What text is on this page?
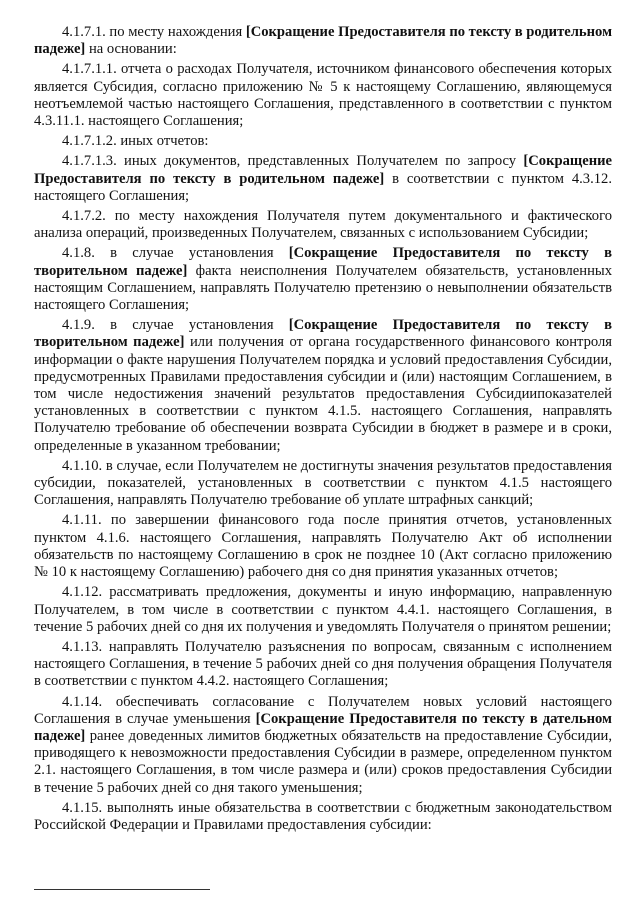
4.1.7.1. по месту нахождения [Сокращение Предоставителя по тексту в родительном падеже] на основании:

4.1.7.1.1. отчета о расходах Получателя, источником финансового обеспечения которых является Субсидия, согласно приложению № 5 к настоящему Соглашению, являющемуся неотъемлемой частью настоящего Соглашения, представленного в соответствии с пунктом 4.3.11.1. настоящего Соглашения;

4.1.7.1.2. иных отчетов:

4.1.7.1.3. иных документов, представленных Получателем по запросу [Сокращение Предоставителя по тексту в родительном падеже] в соответствии с пунктом 4.3.12. настоящего Соглашения;

4.1.7.2. по месту нахождения Получателя путем документального и фактического анализа операций, произведенных Получателем, связанных с использованием Субсидии;

4.1.8. в случае установления [Сокращение Предоставителя по тексту в творительном падеже] факта неисполнения Получателем обязательств, установленных настоящим Соглашением, направлять Получателю претензию о невыполнении обязательств настоящего Соглашения;

4.1.9. в случае установления [Сокращение Предоставителя по тексту в творительном падеже] или получения от органа государственного финансового контроля информации о факте нарушения Получателем порядка и условий предоставления Субсидии, предусмотренных Правилами предоставления субсидии и (или) настоящим Соглашением, в том числе недостижения значений результатов предоставления Субсидиипоказателей установленных в соответствии с пунктом 4.1.5. настоящего Соглашения, направлять Получателю требование об обеспечении возврата Субсидии в бюджет в размере и в сроки, определенные в указанном требовании;

4.1.10. в случае, если Получателем не достигнуты значения результатов предоставления субсидии, показателей, установленных в соответствии с пунктом 4.1.5 настоящего Соглашения, направлять Получателю требование об уплате штрафных санкций;

4.1.11. по завершении финансового года после принятия отчетов, установленных пунктом 4.1.6. настоящего Соглашения, направлять Получателю Акт об исполнении обязательств по настоящему Соглашению в срок не позднее 10 (Акт согласно приложению № 10 к настоящему Соглашению) рабочего дня со дня принятия указанных отчетов;

4.1.12. рассматривать предложения, документы и иную информацию, направленную Получателем, в том числе в соответствии с пунктом 4.4.1. настоящего Соглашения, в течение 5 рабочих дней со дня их получения и уведомлять Получателя о принятом решении;

4.1.13. направлять Получателю разъяснения по вопросам, связанным с исполнением настоящего Соглашения, в течение 5 рабочих дней со дня получения обращения Получателя в соответствии с пунктом 4.4.2. настоящего Соглашения;

4.1.14. обеспечивать согласование с Получателем новых условий настоящего Соглашения в случае уменьшения [Сокращение Предоставителя по тексту в дательном падеже] ранее доведенных лимитов бюджетных обязательств на предоставление Субсидии, приводящего к невозможности предоставления Субсидии в размере, определенном пунктом 2.1. настоящего Соглашения, в том числе размера и (или) сроков предоставления Субсидии в течение 5 рабочих дней со дня такого уменьшения;

4.1.15. выполнять иные обязательства в соответствии с бюджетным законодательством Российской Федерации и Правилами предоставления субсидии:
